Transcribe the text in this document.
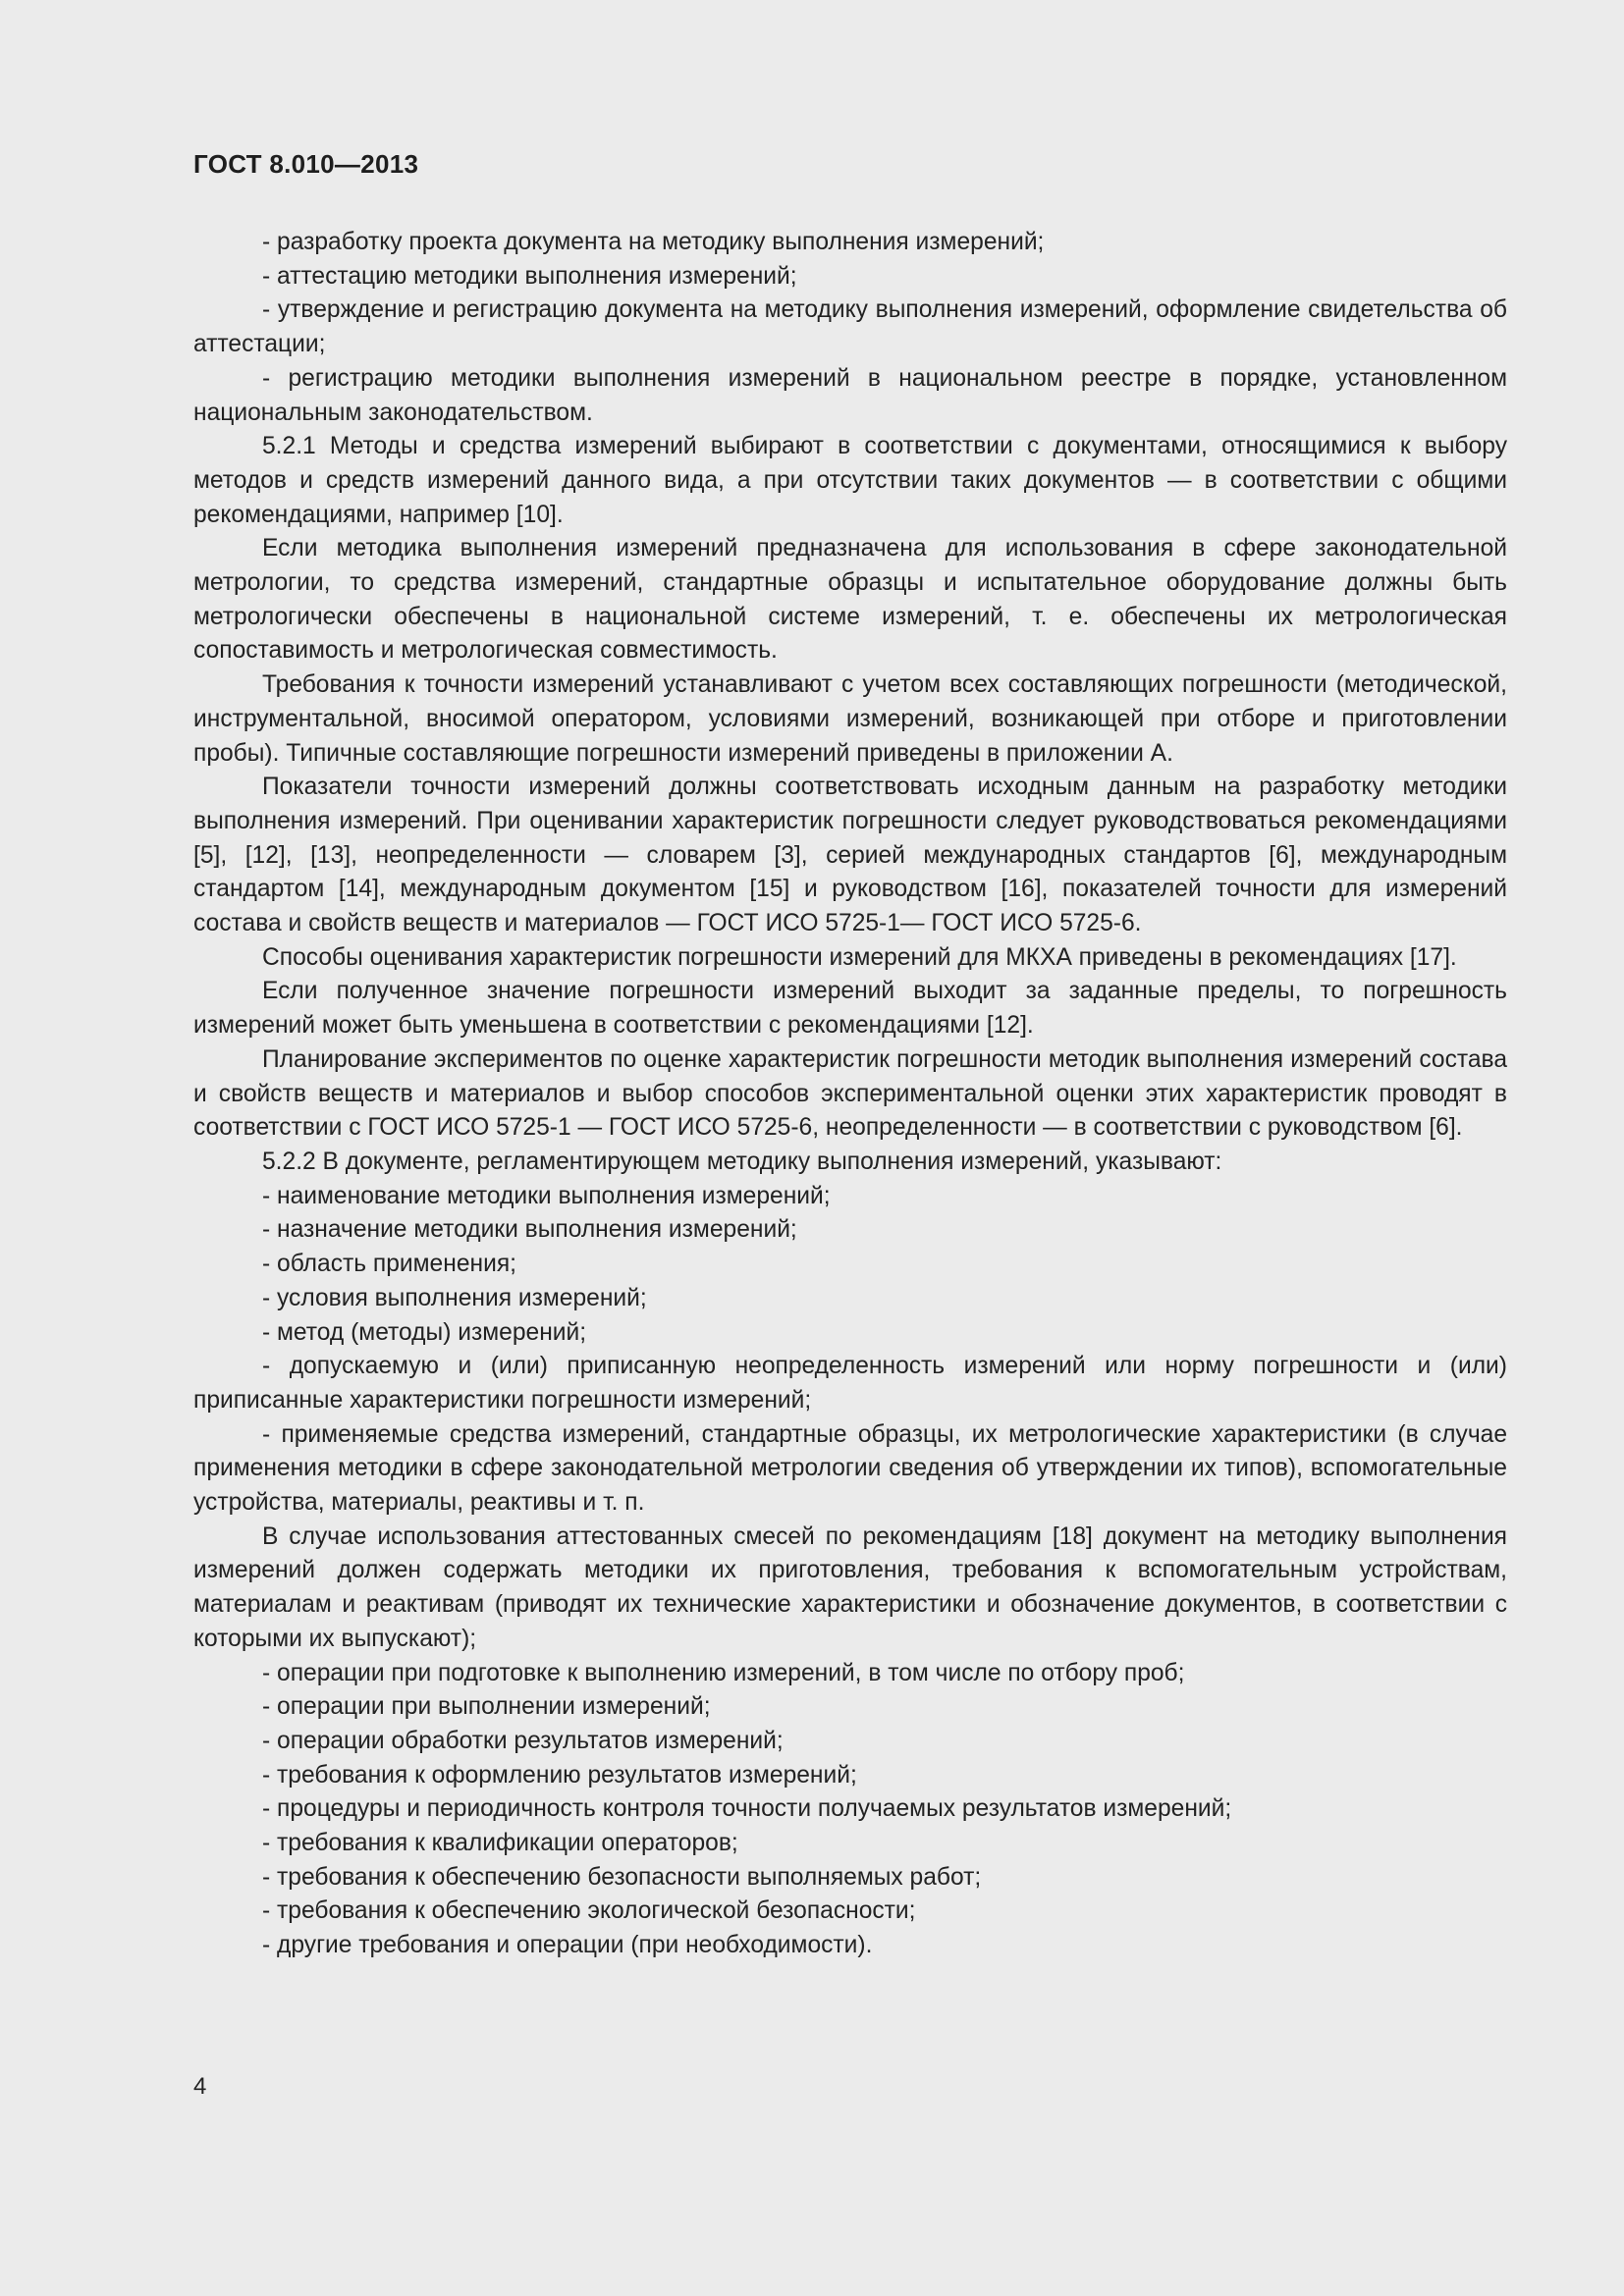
ГОСТ 8.010—2013

- разработку проекта документа на методику выполнения измерений;

- аттестацию методики выполнения измерений;

- утверждение и регистрацию документа на методику выполнения измерений, оформление свидетельства об аттестации;

- регистрацию методики выполнения измерений в национальном реестре в порядке, установленном национальным законодательством.

5.2.1 Методы и средства измерений выбирают в соответствии с документами, относящимися к выбору методов и средств измерений данного вида, а при отсутствии таких документов — в соответствии с общими рекомендациями, например [10].

Если методика выполнения измерений предназначена для использования в сфере законодательной метрологии, то средства измерений, стандартные образцы и испытательное оборудование должны быть метрологически обеспечены в национальной системе измерений, т. е. обеспечены их метрологическая сопоставимость и метрологическая совместимость.

Требования к точности измерений устанавливают с учетом всех составляющих погрешности (методической, инструментальной, вносимой оператором, условиями измерений, возникающей при отборе и приготовлении пробы). Типичные составляющие погрешности измерений приведены в приложении А.

Показатели точности измерений должны соответствовать исходным данным на разработку методики выполнения измерений. При оценивании характеристик погрешности следует руководствоваться рекомендациями [5], [12], [13], неопределенности — словарем [3], серией международных стандартов [6], международным стандартом [14], международным документом [15] и руководством [16], показателей точности для измерений состава и свойств веществ и материалов — ГОСТ ИСО 5725-1— ГОСТ ИСО 5725-6.

Способы оценивания характеристик погрешности измерений для МКХА приведены в рекомендациях [17].

Если полученное значение погрешности измерений выходит за заданные пределы, то погрешность измерений может быть уменьшена в соответствии с рекомендациями [12].

Планирование экспериментов по оценке характеристик погрешности методик выполнения измерений состава и свойств веществ и материалов и выбор способов экспериментальной оценки этих характеристик проводят в соответствии с ГОСТ ИСО 5725-1 — ГОСТ ИСО 5725-6, неопределенности — в соответствии с руководством [6].

5.2.2 В документе, регламентирующем методику выполнения измерений, указывают:

- наименование методики выполнения измерений;

- назначение методики выполнения измерений;

- область применения;

- условия выполнения измерений;

- метод (методы) измерений;

- допускаемую и (или) приписанную неопределенность измерений или норму погрешности и (или) приписанные характеристики погрешности измерений;

- применяемые средства измерений, стандартные образцы, их метрологические характеристики (в случае применения методики в сфере законодательной метрологии сведения об утверждении их типов), вспомогательные устройства, материалы, реактивы и т. п.

В случае использования аттестованных смесей по рекомендациям [18] документ на методику выполнения измерений должен содержать методики их приготовления, требования к вспомогательным устройствам, материалам и реактивам (приводят их технические характеристики и обозначение документов, в соответствии с которыми их выпускают);

- операции при подготовке к выполнению измерений, в том числе по отбору проб;

- операции при выполнении измерений;

- операции обработки результатов измерений;

- требования к оформлению результатов измерений;

- процедуры и периодичность контроля точности получаемых результатов измерений;

- требования к квалификации операторов;

- требования к обеспечению безопасности выполняемых работ;

- требования к обеспечению экологической безопасности;

- другие требования и операции (при необходимости).

4
